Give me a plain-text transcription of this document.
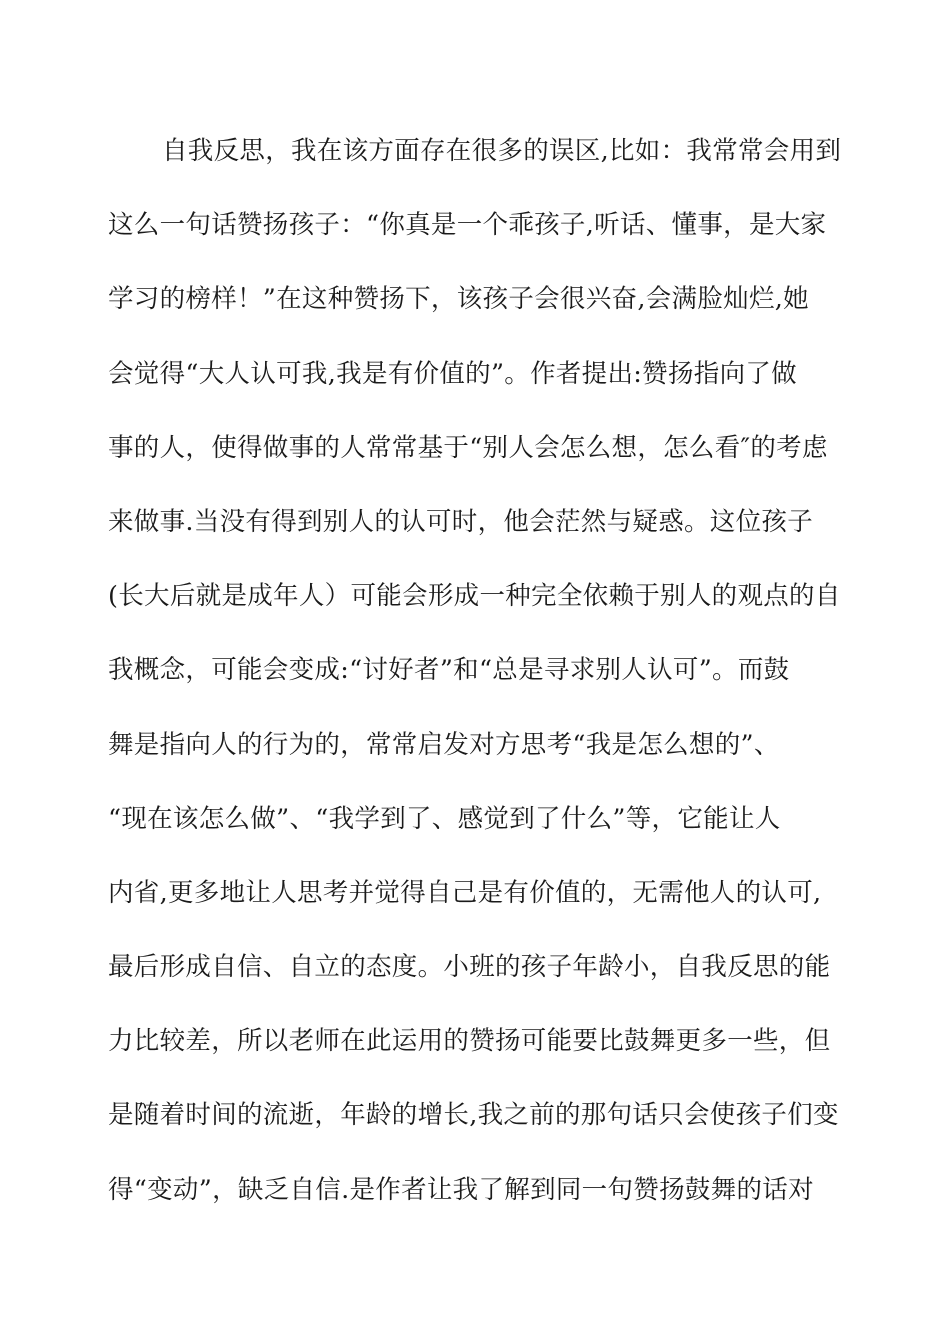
自我反思，我在该方面存在很多的误区,比如：我常常会用到
这么一句话赞扬孩子：“你真是一个乖孩子,听话、懂事，是大家
学习的榜样！”在这种赞扬下，该孩子会很兴奋,会满脸灿烂,她
会觉得“大人认可我,我是有价值的”。作者提出:赞扬指向了做
事的人，使得做事的人常常基于“别人会怎么想，怎么看″的考虑
来做事.当没有得到别人的认可时，他会茫然与疑惑。这位孩子
(长大后就是成年人）可能会形成一种完全依赖于别人的观点的自
我概念，可能会变成:“讨好者”和“总是寻求别人认可”。而鼓
舞是指向人的行为的，常常启发对方思考“我是怎么想的”、
“现在该怎么做”、“我学到了、感觉到了什么”等，它能让人
内省,更多地让人思考并觉得自己是有价值的，无需他人的认可,
最后形成自信、自立的态度。小班的孩子年龄小，自我反思的能
力比较差，所以老师在此运用的赞扬可能要比鼓舞更多一些，但
是随着时间的流逝，年龄的增长,我之前的那句话只会使孩子们变
得“变动”，缺乏自信.是作者让我了解到同一句赞扬鼓舞的话对
